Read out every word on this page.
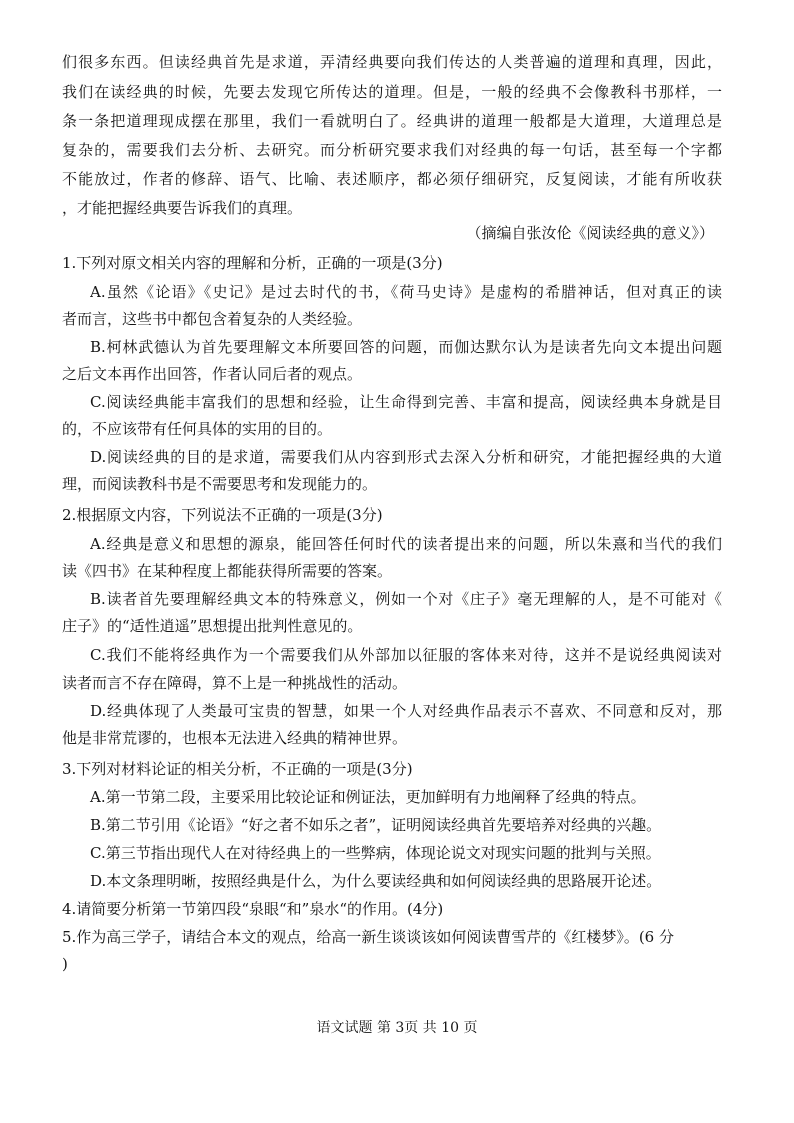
们很多东西。但读经典首先是求道，弄清经典要向我们传达的人类普遍的道理和真理，因此，
我们在读经典的时候，先要去发现它所传达的道理。但是，一般的经典不会像教科书那样，一
条一条把道理现成摆在那里，我们一看就明白了。经典讲的道理一般都是大道理，大道理总是
复杂的，需要我们去分析、去研究。而分析研究要求我们对经典的每一句话，甚至每一个字都
不能放过，作者的修辞、语气、比喻、表述顺序，都必须仔细研究，反复阅读，才能有所收获
，才能把握经典要告诉我们的真理。
（摘编自张汝伦《阅读经典的意义》）
1.下列对原文相关内容的理解和分析，正确的一项是(3分)
A.虽然《论语》《史记》是过去时代的书，《荷马史诗》是虚构的希腊神话，但对真正的读
者而言，这些书中都包含着复杂的人类经验。
B.柯林武德认为首先要理解文本所要回答的问题，而伽达默尔认为是读者先向文本提出问题
之后文本再作出回答，作者认同后者的观点。
C.阅读经典能丰富我们的思想和经验，让生命得到完善、丰富和提高，阅读经典本身就是目
的，不应该带有任何具体的实用的目的。
D.阅读经典的目的是求道，需要我们从内容到形式去深入分析和研究，才能把握经典的大道
理，而阅读教科书是不需要思考和发现能力的。
2.根据原文内容，下列说法不正确的一项是(3分)
A.经典是意义和思想的源泉，能回答任何时代的读者提出来的问题，所以朱熹和当代的我们
读《四书》在某种程度上都能获得所需要的答案。
B.读者首先要理解经典文本的特殊意义，例如一个对《庄子》毫无理解的人，是不可能对《
庄子》的“适性逍遥”思想提出批判性意见的。
C.我们不能将经典作为一个需要我们从外部加以征服的客体来对待，这并不是说经典阅读对
读者而言不存在障碍，算不上是一种挑战性的活动。
D.经典体现了人类最可宝贵的智慧，如果一个人对经典作品表示不喜欢、不同意和反对，那
他是非常荒谬的，也根本无法进入经典的精神世界。
3.下列对材料论证的相关分析，不正确的一项是(3分)
A.第一节第二段，主要采用比较论证和例证法，更加鲜明有力地阐释了经典的特点。
B.第二节引用《论语》“好之者不如乐之者”，证明阅读经典首先要培养对经典的兴趣。
C.第三节指出现代人在对待经典上的一些弊病，体现论说文对现实问题的批判与关照。
D.本文条理明晰，按照经典是什么，为什么要读经典和如何阅读经典的思路展开论述。
4.请简要分析第一节第四段“泉眼“和”泉水“的作用。(4分)
5.作为高三学子，请结合本文的观点，给高一新生谈谈该如何阅读曹雪芹的《红楼梦》。(6 分
)
语文试题 第 3页 共 10 页
